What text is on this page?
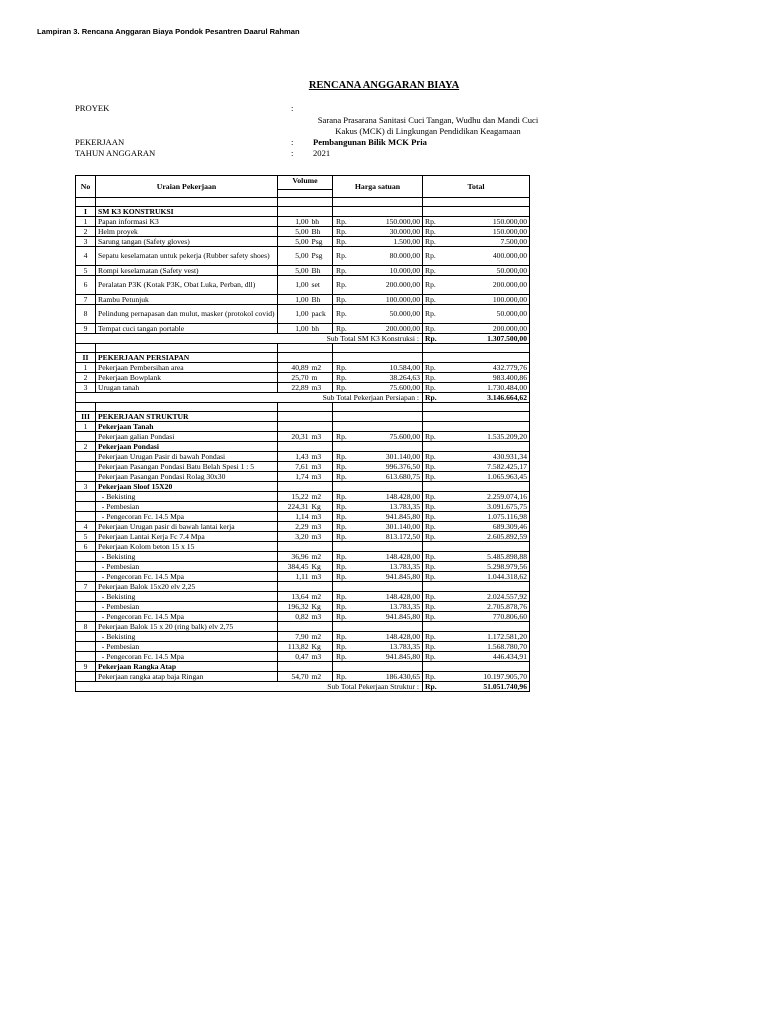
Lampiran 3. Rencana Anggaran Biaya Pondok Pesantren Daarul Rahman
RENCANA ANGGARAN BIAYA
PROYEK	:
Sarana Prasarana Sanitasi Cuci Tangan, Wudhu dan Mandi Cuci Kakus (MCK) di Lingkungan Pendidikan Keagamaan
PEKERJAAN	: Pembangunan Bilik MCK Pria
TAHUN ANGGARAN	: 2021
No	Uraian Pekerjaan	Volume		Harga satuan		Total	

I	SM K3 KONSTRUKSI						
1	Papan informasi K3	1,00	bh	Rp.	150.000,00	Rp.	150.000,00
2	Helm proyek	5,00	Bh	Rp.	30.000,00	Rp.	150.000,00
3	Sarung tangan (Safety gloves)	5,00	Psg	Rp.	1.500,00	Rp.	7.500,00
4	Sepatu keselamatan untuk pekerja (Rubber safety shoes)	5,00	Psg	Rp.	80.000,00	Rp.	400.000,00
5	Rompi keselamatan (Safety vest)	5,00	Bh	Rp.	10.000,00	Rp.	50.000,00
6	Peralatan P3K (Kotak P3K, Obat Luka, Perban, dll)	1,00	set	Rp.	200.000,00	Rp.	200.000,00
7	Rambu Petunjuk	1,00	Bh	Rp.	100.000,00	Rp.	100.000,00
8	Pelindung pernapasan dan mulut, masker (protokol covid)	1,00	pack	Rp.	50.000,00	Rp.	50.000,00
9	Tempat cuci tangan portable	1,00	bh	Rp.	200.000,00	Rp.	200.000,00
	Sub Total SM K3 Konstruksi :					Rp.	1.307.500,00

II	PEKERJAAN PERSIAPAN						
1	Pekerjaan Pembersihan area	40,89	m2	Rp.	10.584,00	Rp.	432.779,76
2	Pekerjaan Bowplank	25,70	m	Rp.	38.264,63	Rp.	983.400,86
3	Urugan tanah	22,89	m3	Rp.	75.600,00	Rp.	1.730.484,00
	Sub Total Pekerjaan Persiapan :					Rp.	3.146.664,62

III	PEKERJAAN STRUKTUR						
1	Pekerjaan Tanah						
	Pekerjaan galian Pondasi	20,31	m3	Rp.	75.600,00	Rp.	1.535.209,20
2	Pekerjaan Pondasi						
	Pekerjaan Urugan Pasir di bawah Pondasi	1,43	m3	Rp.	301.140,00	Rp.	430.931,34
	Pekerjaan Pasangan Pondasi Batu Belah Spesi 1 : 5	7,61	m3	Rp.	996.376,50	Rp.	7.582.425,17
	Pekerjaan Pasangan Pondasi Rolag 30x30	1,74	m3	Rp.	613.680,75	Rp.	1.065.963,45
3	Pekerjaan Sloof 15X20						
	- Bekisting	15,22	m2	Rp.	148.428,00	Rp.	2.259.074,16
	- Pembesian	224,31	Kg	Rp.	13.783,35	Rp.	3.091.675,75
	- Pengecoran Fc. 14.5 Mpa	1,14	m3	Rp.	941.845,80	Rp.	1.075.116,98
4	Pekerjaan Urugan pasir di bawah lantai kerja	2,29	m3	Rp.	301.140,00	Rp.	689.309,46
5	Pekerjaan Lantai Kerja Fc 7.4 Mpa	3,20	m3	Rp.	813.172,50	Rp.	2.605.892,59
6	Pekerjaan Kolom beton 15 x 15						
	- Bekisting	36,96	m2	Rp.	148.428,00	Rp.	5.485.898,88
	- Pembesian	384,45	Kg	Rp.	13.783,35	Rp.	5.298.979,56
	- Pengecoran Fc. 14.5 Mpa	1,11	m3	Rp.	941.845,80	Rp.	1.044.318,62
7	Pekerjaan Balok 15x20 elv 2,25						
	- Bekisting	13,64	m2	Rp.	148.428,00	Rp.	2.024.557,92
	- Pembesian	196,32	Kg	Rp.	13.783,35	Rp.	2.705.878,76
	- Pengecoran Fc. 14.5 Mpa	0,82	m3	Rp.	941.845,80	Rp.	770.806,60
8	Pekerjaan Balok 15 x 20 (ring balk) elv 2,75						
	- Bekisting	7,90	m2	Rp.	148.428,00	Rp.	1.172.581,20
	- Pembesian	113,82	Kg	Rp.	13.783,35	Rp.	1.568.780,70
	- Pengecoran Fc. 14.5 Mpa	0,47	m3	Rp.	941.845,80	Rp.	446.434,91
9	Pekerjaan Rangka Atap						
	Pekerjaan rangka atap baja Ringan	54,70	m2	Rp.	186.430,65	Rp.	10.197.905,70
	Sub Total Pekerjaan Struktur :					Rp.	51.051.740,96
